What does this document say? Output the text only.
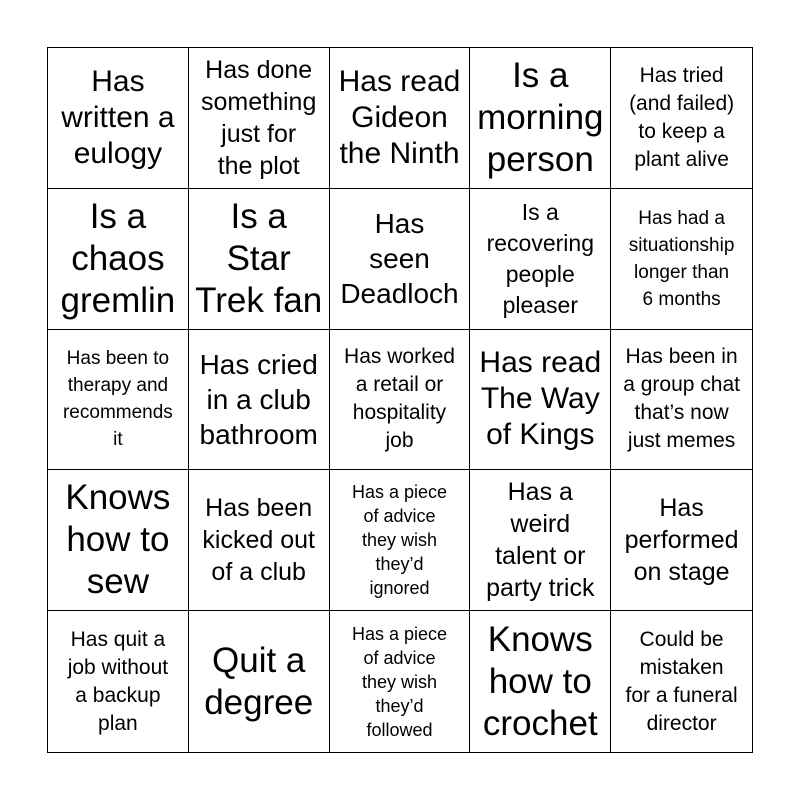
Has
written a
eulogy
Has done
something
just for
the plot
Has read
Gideon
the Ninth
Is a
morning
person
Has tried
(and failed)
to keep a
plant alive
Is a
chaos
gremlin
Is a
Star
Trek fan
Has
seen
Deadloch
Is a
recovering
people
pleaser
Has had a
situationship
longer than
6 months
Has been to
therapy and
recommends
it
Has cried
in a club
bathroom
Has worked
a retail or
hospitality
job
Has read
The Way
of Kings
Has been in
a group chat
that’s now
just memes
Knows
how to
sew
Has been
kicked out
of a club
Has a piece
of advice
they wish
they’d
ignored
Has a
weird
talent or
party trick
Has
performed
on stage
Has quit a
job without
a backup
plan
Quit a
degree
Has a piece
of advice
they wish
they’d
followed
Knows
how to
crochet
Could be
mistaken
for a funeral
director
